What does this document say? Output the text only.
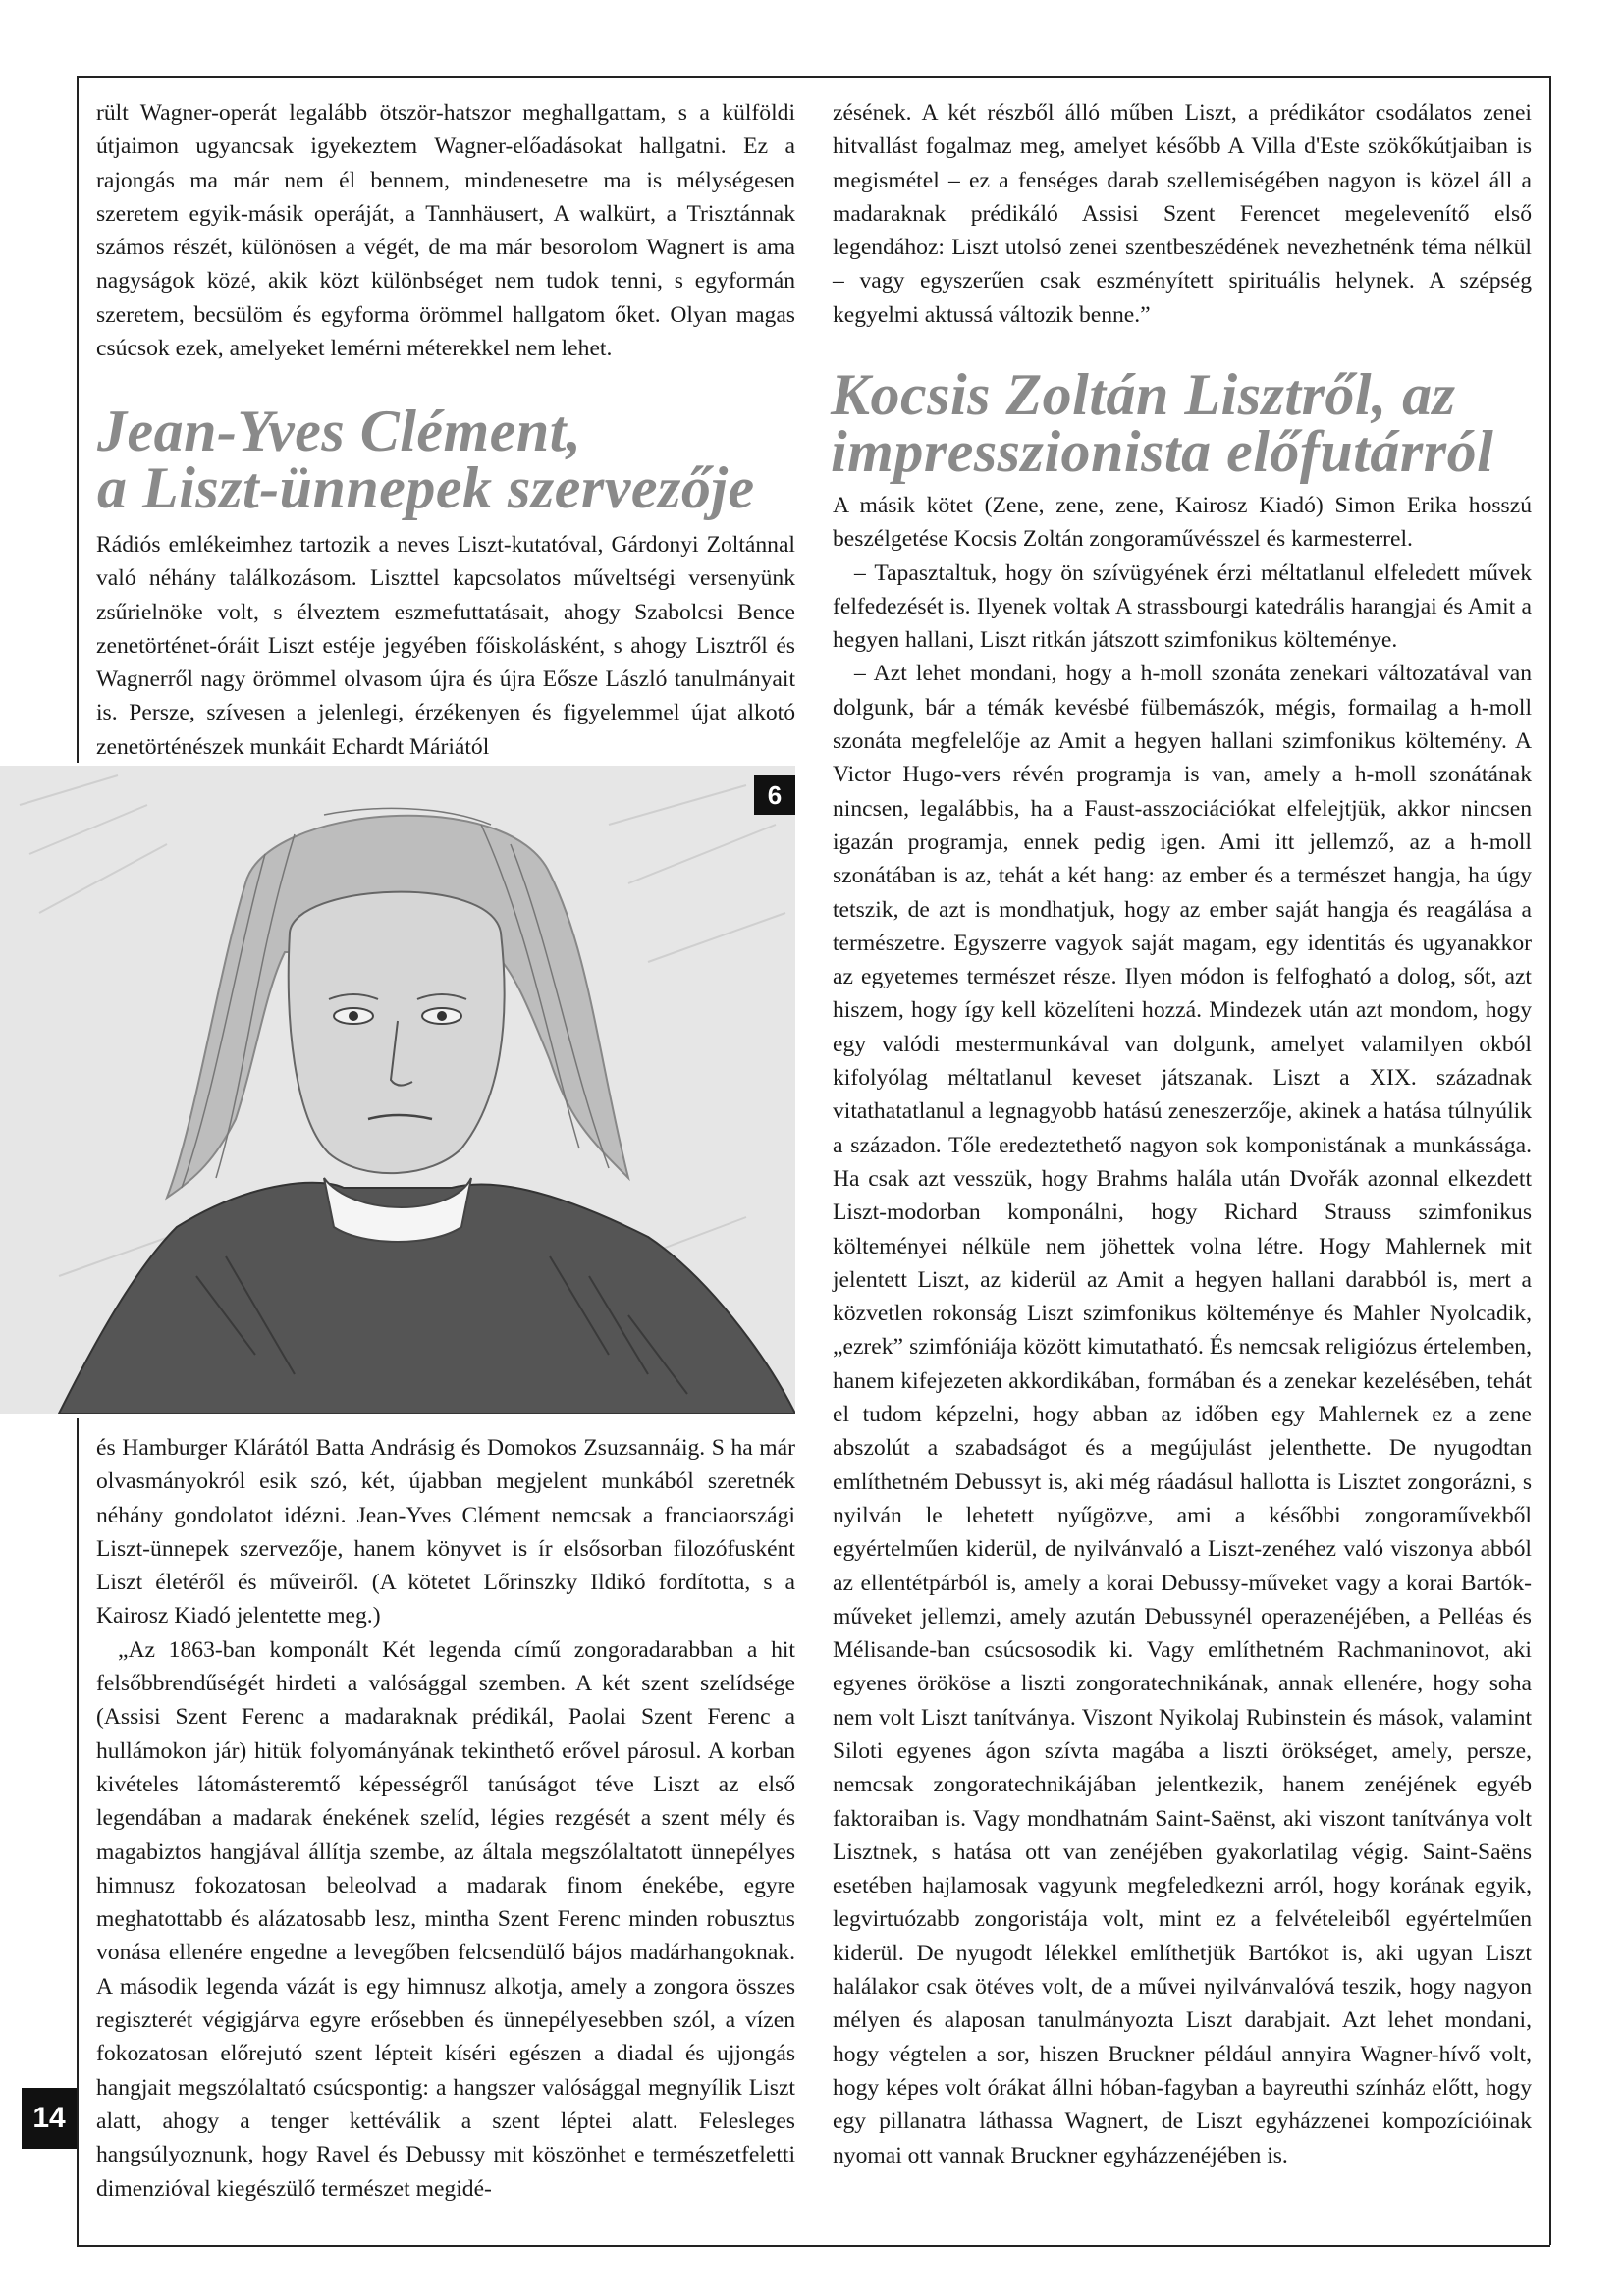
rült Wagner-operát legalább ötször-hatszor meghallgattam, s a külföldi útjaimon ugyancsak igyekeztem Wagner-előadásokat hallgatni. Ez a rajongás ma már nem él bennem, mindenesetre ma is mélységesen szeretem egyik-másik operáját, a Tannhäusert, A walkürt, a Trisztánnak számos részét, különösen a végét, de ma már besorolom Wagnert is ama nagyságok közé, akik közt különbséget nem tudok tenni, s egyformán szeretem, becsülöm és egyforma örömmel hallgatom őket. Olyan magas csúcsok ezek, amelyeket lemérni méterekkel nem lehet.

Jean-Yves Clément,
a Liszt-ünnepek szervezője

Rádiós emlékeimhez tartozik a neves Liszt-kutatóval, Gárdonyi Zoltánnal való néhány találkozásom. Liszttel kapcsolatos műveltségi versenyünk zsűrielnöke volt, s élveztem eszmefuttatásait, ahogy Szabolcsi Bence zenetörténet-óráit Liszt estéje jegyében főiskolásként, s ahogy Lisztről és Wagnerről nagy örömmel olvasom újra és újra Eősze László tanulmányait is. Persze, szívesen a jelenlegi, érzékenyen és figyelemmel újat alkotó zenetörténészek munkáit Echardt Máriától

6

és Hamburger Klárától Batta Andrásig és Domokos Zsuzsannáig. S ha már olvasmányokról esik szó, két, újabban megjelent munkából szeretnék néhány gondolatot idézni. Jean-Yves Clément nemcsak a franciaországi Liszt-ünnepek szervezője, hanem könyvet is ír elsősorban filozófusként Liszt életéről és műveiről. (A kötetet Lőrinszky Ildikó fordította, s a Kairosz Kiadó jelentette meg.)

„Az 1863-ban komponált Két legenda című zongoradarabban a hit felsőbbrendűségét hirdeti a valósággal szemben. A két szent szelídsége (Assisi Szent Ferenc a madaraknak prédikál, Paolai Szent Ferenc a hullámokon jár) hitük folyományának tekinthető erővel párosul. A korban kivételes látomásteremtő képességről tanúságot téve Liszt az első legendában a madarak énekének szelíd, légies rezgését a szent mély és magabiztos hangjával állítja szembe, az általa megszólaltatott ünnepélyes himnusz fokozatosan beleolvad a madarak finom énekébe, egyre meghatottabb és alázatosabb lesz, mintha Szent Ferenc minden robusztus vonása ellenére engedne a levegőben felcsendülő bájos madárhangoknak. A második legenda vázát is egy himnusz alkotja, amely a zongora összes regiszterét végigjárva egyre erősebben és ünnepélyesebben szól, a vízen fokozatosan előrejutó szent lépteit kíséri egészen a diadal és ujjongás hangjait megszólaltató csúcspontig: a hangszer valósággal megnyílik Liszt alatt, ahogy a tenger kettéválik a szent léptei alatt. Felesleges hangsúlyoznunk, hogy Ravel és Debussy mit köszönhet e természetfeletti dimenzióval kiegészülő természet megidé-

zésének. A két részből álló műben Liszt, a prédikátor csodálatos zenei hitvallást fogalmaz meg, amelyet később A Villa d'Este szökőkútjaiban is megismétel – ez a fenséges darab szellemiségében nagyon is közel áll a madaraknak prédikáló Assisi Szent Ferencet megelevenítő első legendához: Liszt utolsó zenei szentbeszédének nevezhetnénk téma nélkül – vagy egyszerűen csak eszményített spirituális helynek. A szépség kegyelmi aktussá változik benne.”

Kocsis Zoltán Lisztről, az
impresszionista előfutárról

A másik kötet (Zene, zene, zene, Kairosz Kiadó) Simon Erika hosszú beszélgetése Kocsis Zoltán zongoraművésszel és karmesterrel.

– Tapasztaltuk, hogy ön szívügyének érzi méltatlanul elfeledett művek felfedezését is. Ilyenek voltak A strassbourgi katedrális harangjai és Amit a hegyen hallani, Liszt ritkán játszott szimfonikus költeménye.

– Azt lehet mondani, hogy a h-moll szonáta zenekari változatával van dolgunk, bár a témák kevésbé fülbemászók, mégis, formailag a h-moll szonáta megfelelője az Amit a hegyen hallani szimfonikus költemény. A Victor Hugo-vers révén programja is van, amely a h-moll szonátának nincsen, legalábbis, ha a Faust-asszociációkat elfelejtjük, akkor nincsen igazán programja, ennek pedig igen. Ami itt jellemző, az a h-moll szonátában is az, tehát a két hang: az ember és a természet hangja, ha úgy tetszik, de azt is mondhatjuk, hogy az ember saját hangja és reagálása a természetre. Egyszerre vagyok saját magam, egy identitás és ugyanakkor az egyetemes természet része. Ilyen módon is felfogható a dolog, sőt, azt hiszem, hogy így kell közelíteni hozzá. Mindezek után azt mondom, hogy egy valódi mestermunkával van dolgunk, amelyet valamilyen okból kifolyólag méltatlanul keveset játszanak. Liszt a XIX. századnak vitathatatlanul a legnagyobb hatású zeneszerzője, akinek a hatása túlnyúlik a századon. Tőle eredeztethető nagyon sok komponistának a munkássága. Ha csak azt vesszük, hogy Brahms halála után Dvořák azonnal elkezdett Liszt-modorban komponálni, hogy Richard Strauss szimfonikus költeményei nélküle nem jöhettek volna létre. Hogy Mahlernek mit jelentett Liszt, az kiderül az Amit a hegyen hallani darabból is, mert a közvetlen rokonság Liszt szimfonikus költeménye és Mahler Nyolcadik, „ezrek” szimfóniája között kimutatható. És nemcsak religiózus értelemben, hanem kifejezeten akkordikában, formában és a zenekar kezelésében, tehát el tudom képzelni, hogy abban az időben egy Mahlernek ez a zene abszolút a szabadságot és a megújulást jelenthette. De nyugodtan említhetném Debussyt is, aki még ráadásul hallotta is Lisztet zongorázni, s nyilván le lehetett nyűgözve, ami a későbbi zongoraművekből egyértelműen kiderül, de nyilvánvaló a Liszt-zenéhez való viszonya abból az ellentétpárból is, amely a korai Debussy-műveket vagy a korai Bartók-műveket jellemzi, amely azután Debussynél operazenéjében, a Pelléas és Mélisande-ban csúcsosodik ki. Vagy említhetném Rachmaninovot, aki egyenes örököse a liszti zongoratechnikának, annak ellenére, hogy soha nem volt Liszt tanítványa. Viszont Nyikolaj Rubinstein és mások, valamint Siloti egyenes ágon szívta magába a liszti örökséget, amely, persze, nemcsak zongoratechnikájában jelentkezik, hanem zenéjének egyéb faktoraiban is. Vagy mondhatnám Saint-Saënst, aki viszont tanítványa volt Lisztnek, s hatása ott van zenéjében gyakorlatilag végig. Saint-Saëns esetében hajlamosak vagyunk megfeledkezni arról, hogy korának egyik, legvirtuózabb zongoristája volt, mint ez a felvételeiből egyértelműen kiderül. De nyugodt lélekkel említhetjük Bartókot is, aki ugyan Liszt halálakor csak ötéves volt, de a művei nyilvánvalóvá teszik, hogy nagyon mélyen és alaposan tanulmányozta Liszt darabjait. Azt lehet mondani, hogy végtelen a sor, hiszen Bruckner például annyira Wagner-hívő volt, hogy képes volt órákat állni hóban-fagyban a bayreuthi színház előtt, hogy egy pillanatra láthassa Wagnert, de Liszt egyházzenei kompozícióinak nyomai ott vannak Bruckner egyházzenéjében is.

14
